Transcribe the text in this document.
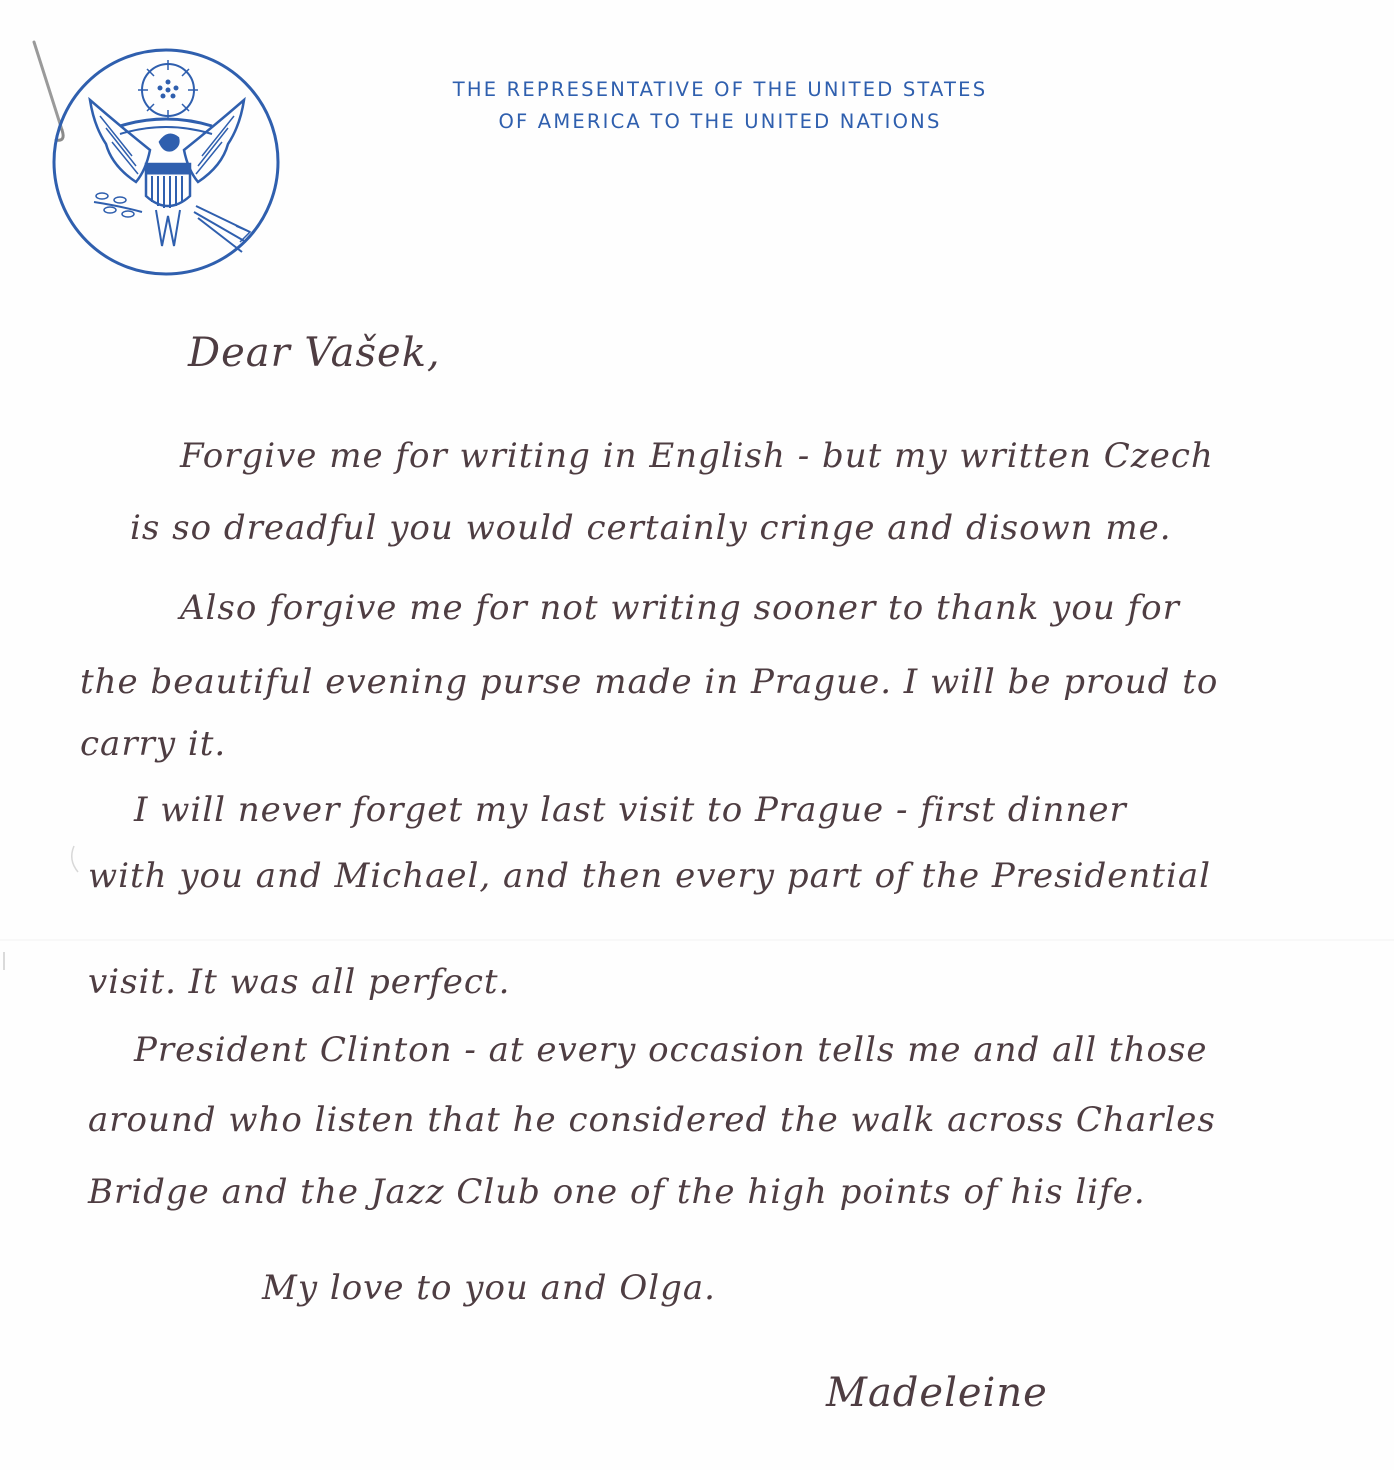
THE REPRESENTATIVE OF THE UNITED STATES
OF AMERICA TO THE UNITED NATIONS
Dear Vašek,
Forgive me for writing in English - but my written Czech
is so dreadful you would certainly cringe and disown me.
Also forgive me for not writing sooner to thank you for
the beautiful evening purse made in Prague. I will be proud to
carry it.
I will never forget my last visit to Prague - first dinner
with you and Michael, and then every part of the Presidential
visit. It was all perfect.
President Clinton - at every occasion tells me and all those
around who listen that he considered the walk across Charles
Bridge and the Jazz Club one of the high points of his life.
My love to you and Olga.
Madeleine
